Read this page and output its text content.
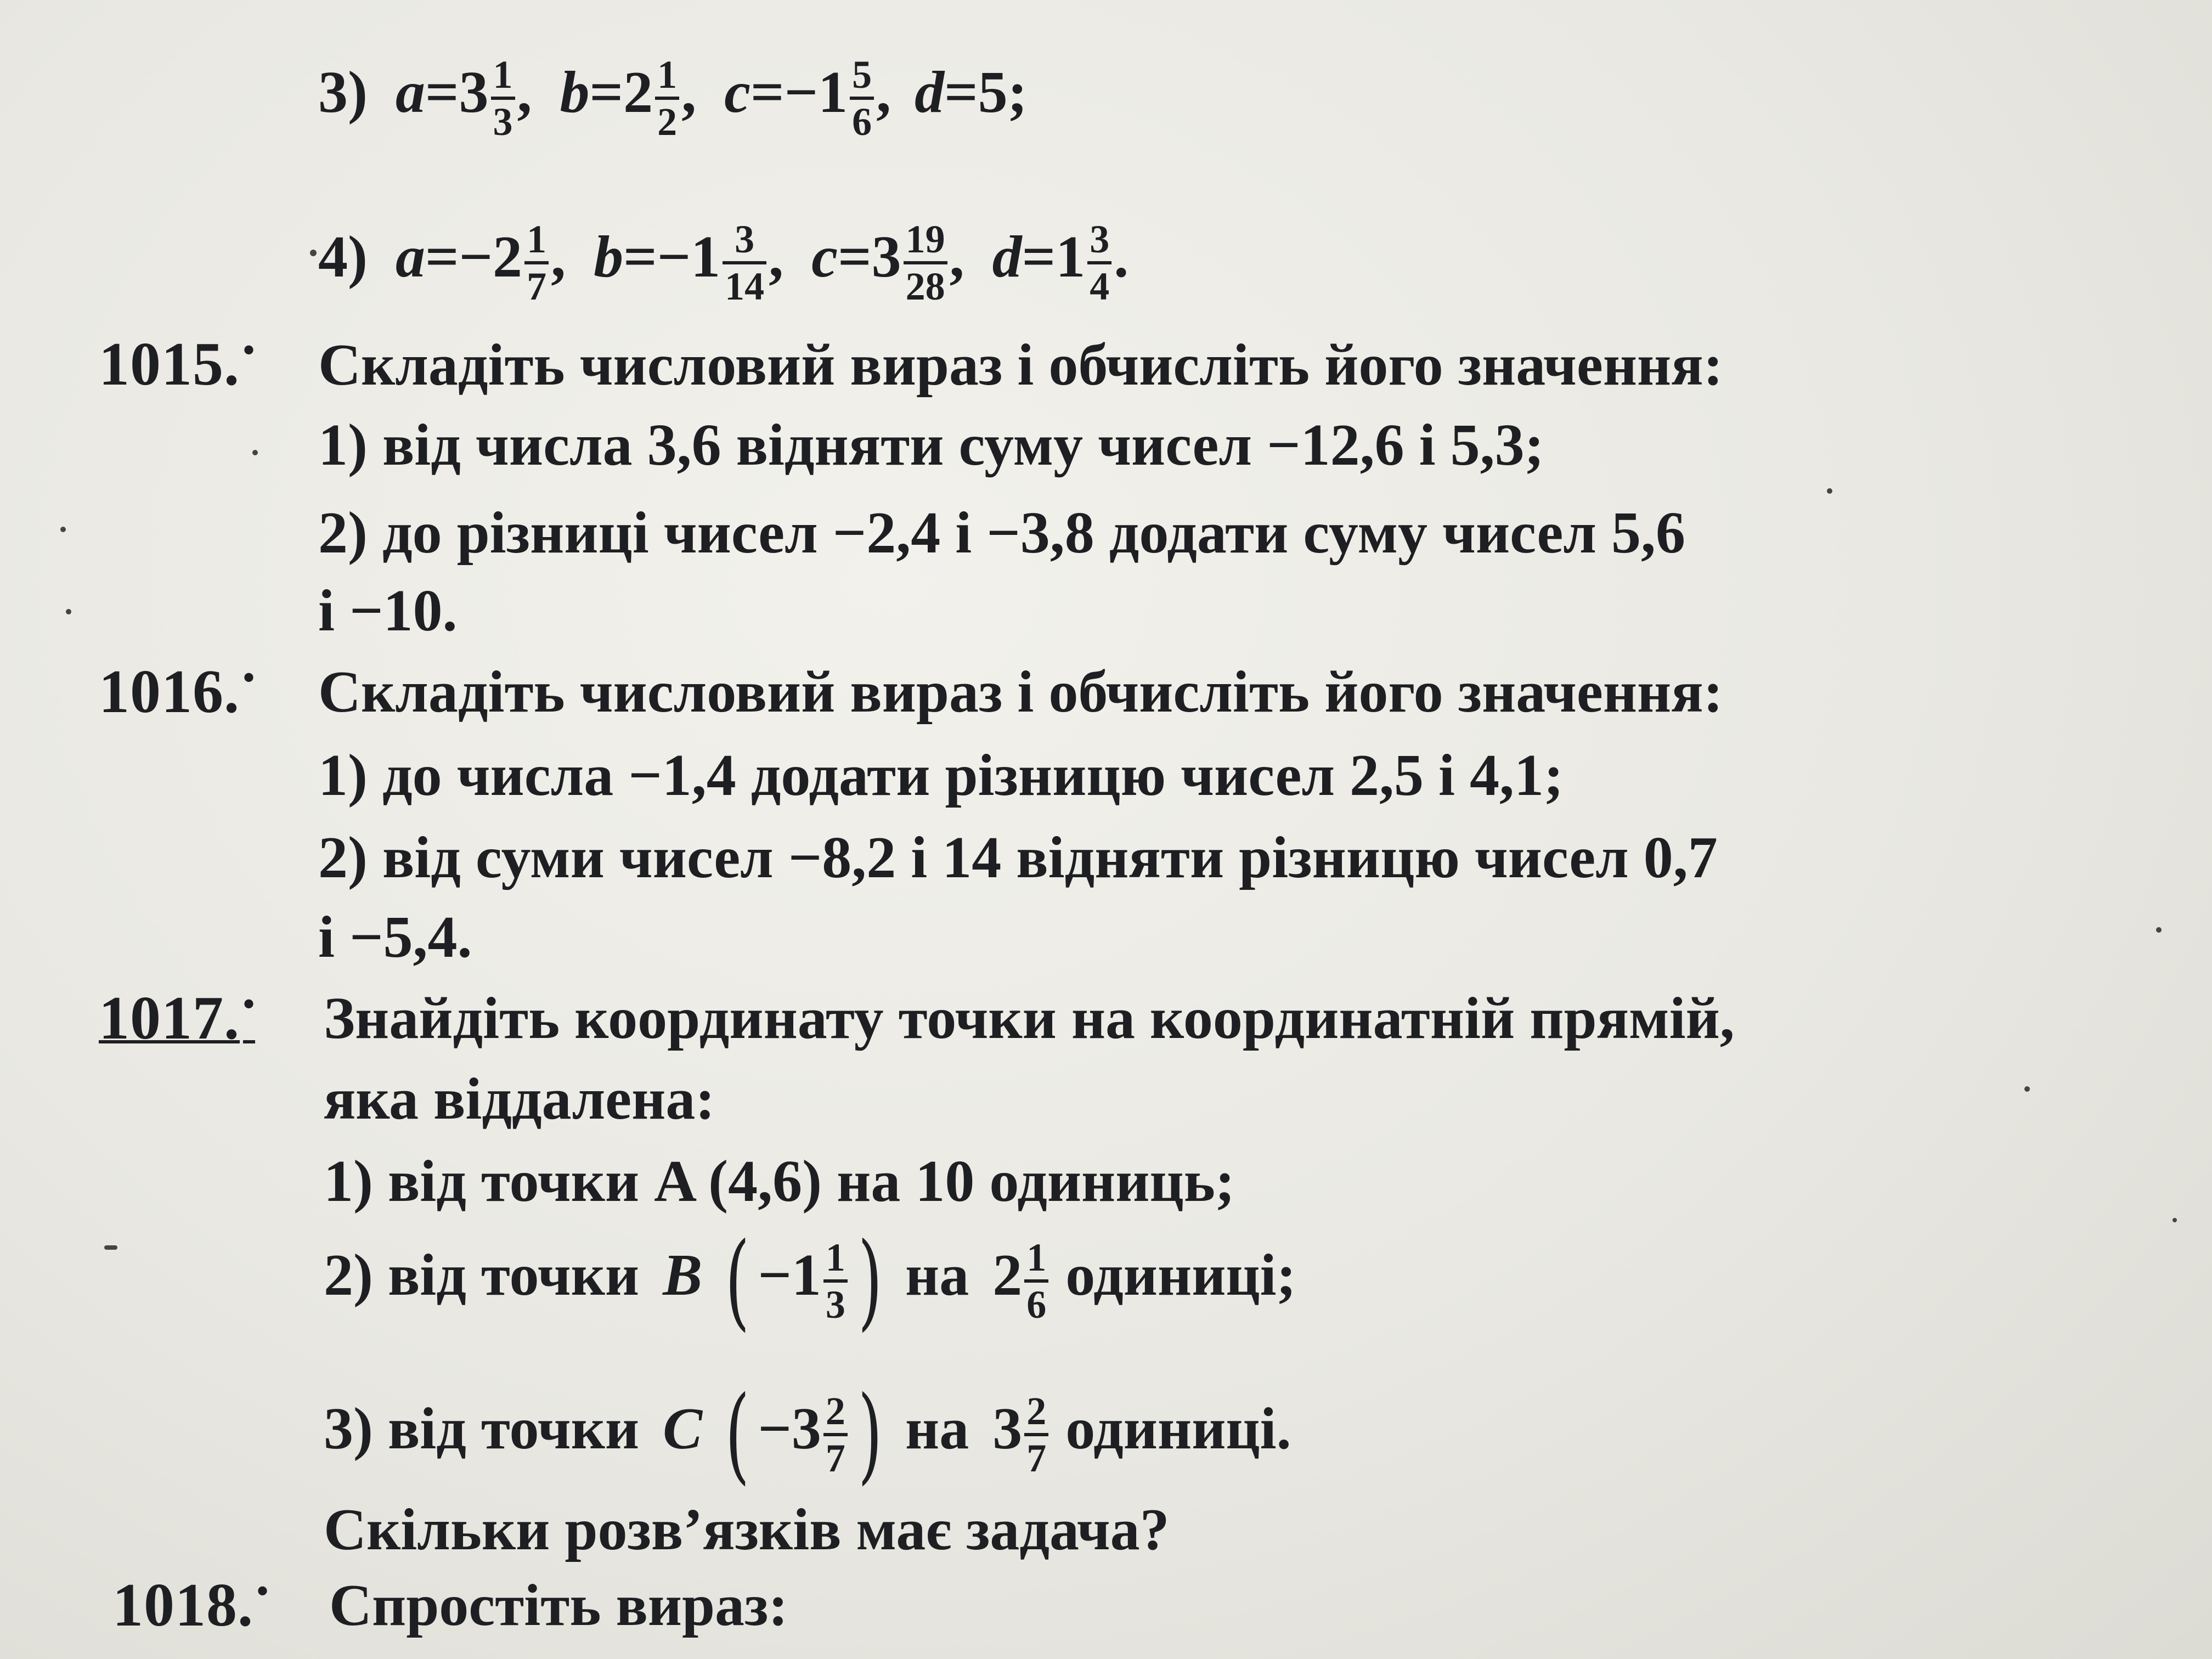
3) $a=3 \frac{1}{3}$ , $b=2 \frac{1}{2}$ , $c=-1 \frac{5}{6}$ , d=5;
4) $a=-2 \frac{1}{7}$ , $b=-1 \frac{3}{14}$ , $c=3 \frac{19}{28}$ , $d=1 \frac{3}{4}$ .
1015. • Складіть числовий вираз і обчисліть його значення:
1) від числа 3,6 відняти суму чисел −12,6 і 5,3;
2) до різниці чисел −2,4 і −3,8 додати суму чисел 5,6
і −10.
1016. • Складіть числовий вираз і обчисліть його значення:
1) до числа −1,4 додати різницю чисел 2,5 і 4,1;
2) від суми чисел −8,2 і 14 відняти різницю чисел 0,7
і −5,4.
1017. • Знайдіть координату точки на координатній прямій,
яка віддалена:
1) від точки A (4,6) на 10 одиниць;
2) від точки B ( $-1 \frac{1}{3}$ ) на $2 \frac{1}{6}$ одиниці;
3) від точки C ( $-3 \frac{2}{7}$ ) на $3 \frac{2}{7}$ одиниці.
Скільки розв’язків має задача?
1018. • Спростіть вираз:
